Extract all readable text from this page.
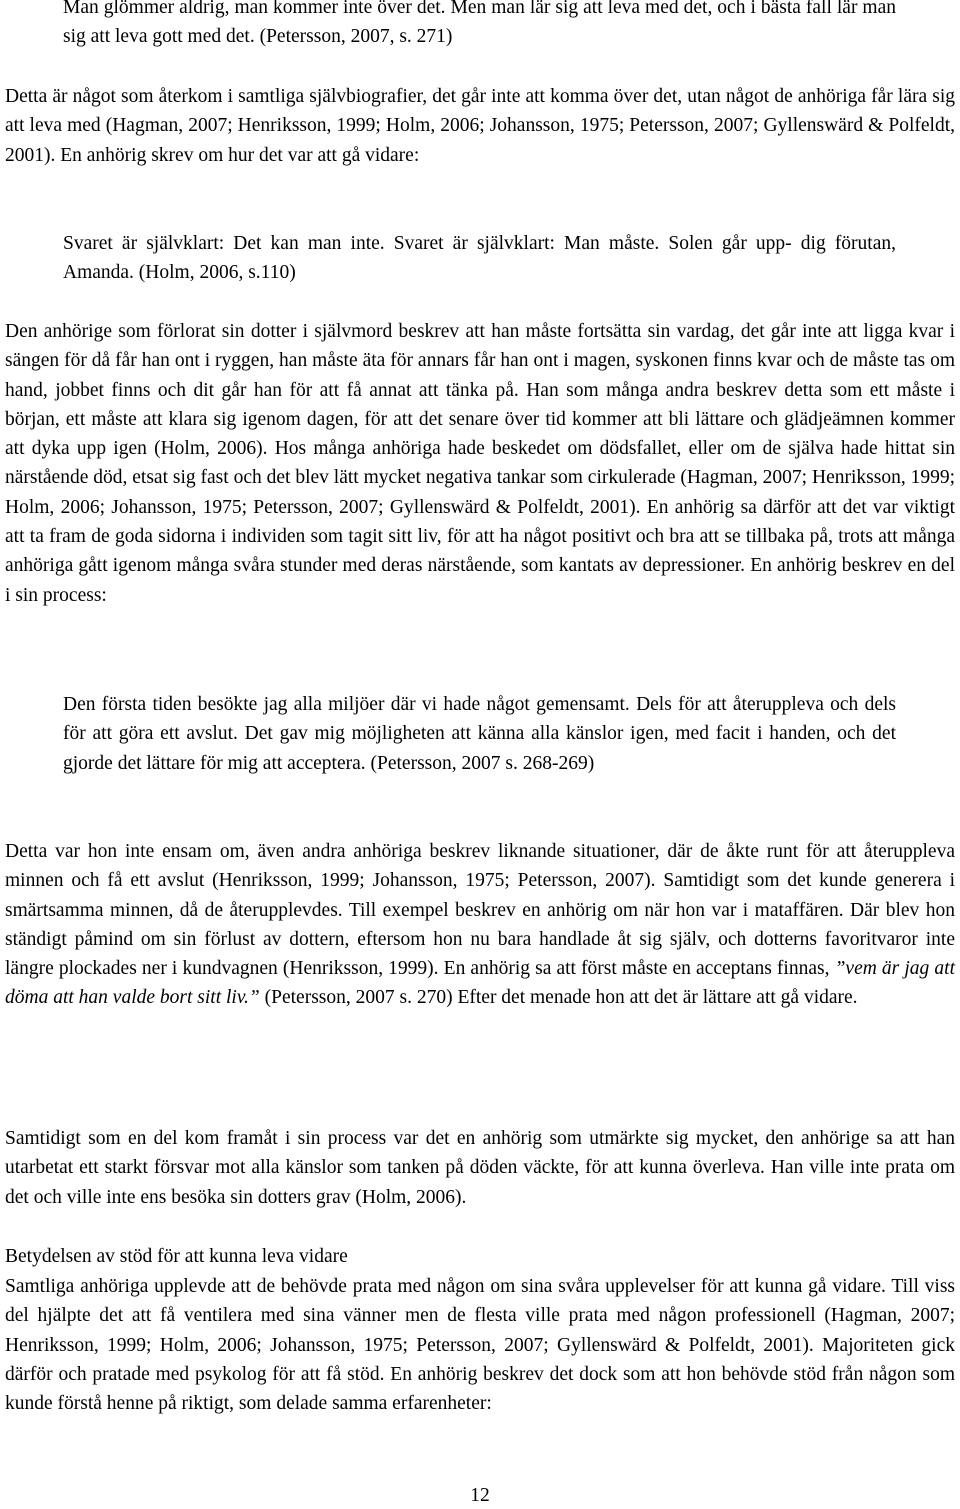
Man glömmer aldrig, man kommer inte över det. Men man lär sig att leva med det, och i bästa fall lär man sig att leva gott med det. (Petersson, 2007, s. 271)

Detta är något som återkom i samtliga självbiografier, det går inte att komma över det, utan något de anhöriga får lära sig att leva med (Hagman, 2007; Henriksson, 1999; Holm, 2006; Johansson, 1975; Petersson, 2007; Gyllenswärd & Polfeldt, 2001). En anhörig skrev om hur det var att gå vidare:

Svaret är självklart: Det kan man inte. Svaret är självklart: Man måste. Solen går upp- dig förutan, Amanda. (Holm, 2006, s.110)

Den anhörige som förlorat sin dotter i självmord beskrev att han måste fortsätta sin vardag, det går inte att ligga kvar i sängen för då får han ont i ryggen, han måste äta för annars får han ont i magen, syskonen finns kvar och de måste tas om hand, jobbet finns och dit går han för att få annat att tänka på. Han som många andra beskrev detta som ett måste i början, ett måste att klara sig igenom dagen, för att det senare över tid kommer att bli lättare och glädjeämnen kommer att dyka upp igen (Holm, 2006). Hos många anhöriga hade beskedet om dödsfallet, eller om de själva hade hittat sin närstående död, etsat sig fast och det blev lätt mycket negativa tankar som cirkulerade (Hagman, 2007; Henriksson, 1999; Holm, 2006; Johansson, 1975; Petersson, 2007; Gyllenswärd & Polfeldt, 2001). En anhörig sa därför att det var viktigt att ta fram de goda sidorna i individen som tagit sitt liv, för att ha något positivt och bra att se tillbaka på, trots att många anhöriga gått igenom många svåra stunder med deras närstående, som kantats av depressioner. En anhörig beskrev en del i sin process:

Den första tiden besökte jag alla miljöer där vi hade något gemensamt. Dels för att återuppleva och dels för att göra ett avslut. Det gav mig möjligheten att känna alla känslor igen, med facit i handen, och det gjorde det lättare för mig att acceptera. (Petersson, 2007 s. 268-269)

Detta var hon inte ensam om, även andra anhöriga beskrev liknande situationer, där de åkte runt för att återuppleva minnen och få ett avslut (Henriksson, 1999; Johansson, 1975; Petersson, 2007). Samtidigt som det kunde generera i smärtsamma minnen, då de återupplevdes. Till exempel beskrev en anhörig om när hon var i mataffären. Där blev hon ständigt påmind om sin förlust av dottern, eftersom hon nu bara handlade åt sig själv, och dotterns favoritvaror inte längre plockades ner i kundvagnen (Henriksson, 1999). En anhörig sa att först måste en acceptans finnas, ”vem är jag att döma att han valde bort sitt liv.” (Petersson, 2007 s. 270) Efter det menade hon att det är lättare att gå vidare.

Samtidigt som en del kom framåt i sin process var det en anhörig som utmärkte sig mycket, den anhörige sa att han utarbetat ett starkt försvar mot alla känslor som tanken på döden väckte, för att kunna överleva. Han ville inte prata om det och ville inte ens besöka sin dotters grav (Holm, 2006).

Betydelsen av stöd för att kunna leva vidare

Samtliga anhöriga upplevde att de behövde prata med någon om sina svåra upplevelser för att kunna gå vidare. Till viss del hjälpte det att få ventilera med sina vänner men de flesta ville prata med någon professionell (Hagman, 2007; Henriksson, 1999; Holm, 2006; Johansson, 1975; Petersson, 2007; Gyllenswärd & Polfeldt, 2001). Majoriteten gick därför och pratade med psykolog för att få stöd. En anhörig beskrev det dock som att hon behövde stöd från någon som kunde förstå henne på riktigt, som delade samma erfarenheter:

12
